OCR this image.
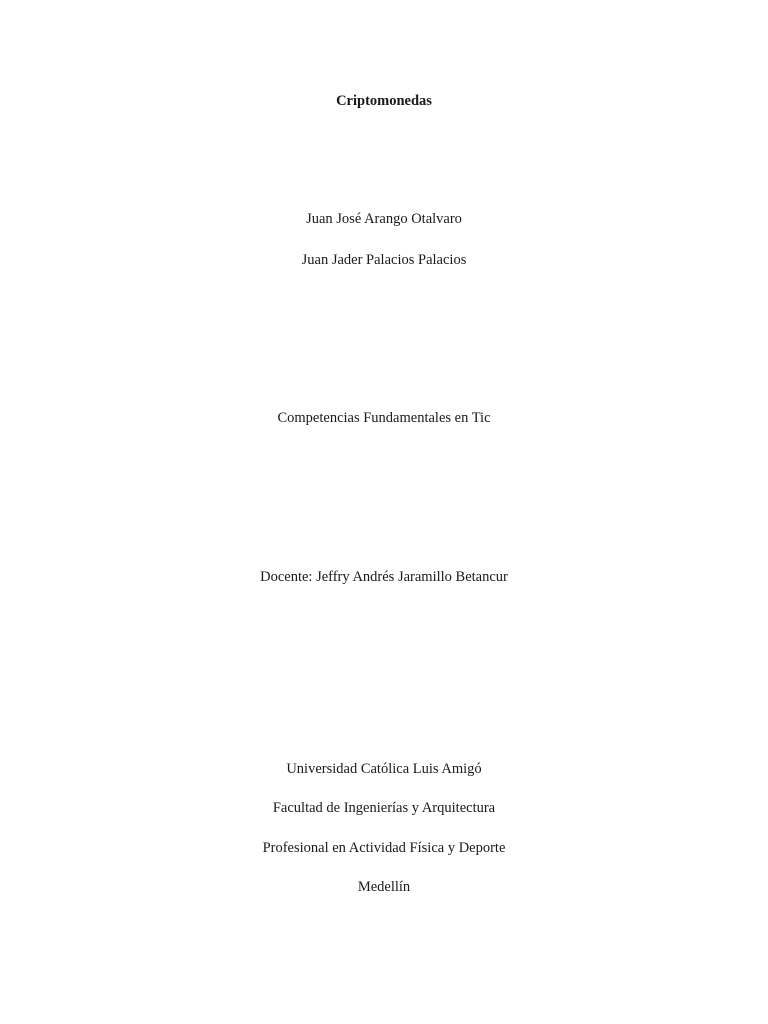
Criptomonedas
Juan José Arango Otalvaro
Juan Jader Palacios Palacios
Competencias Fundamentales en Tic
Docente: Jeffry Andrés Jaramillo Betancur
Universidad Católica Luis Amigó
Facultad de Ingenierías y Arquitectura
Profesional en Actividad Física y Deporte
Medellín
